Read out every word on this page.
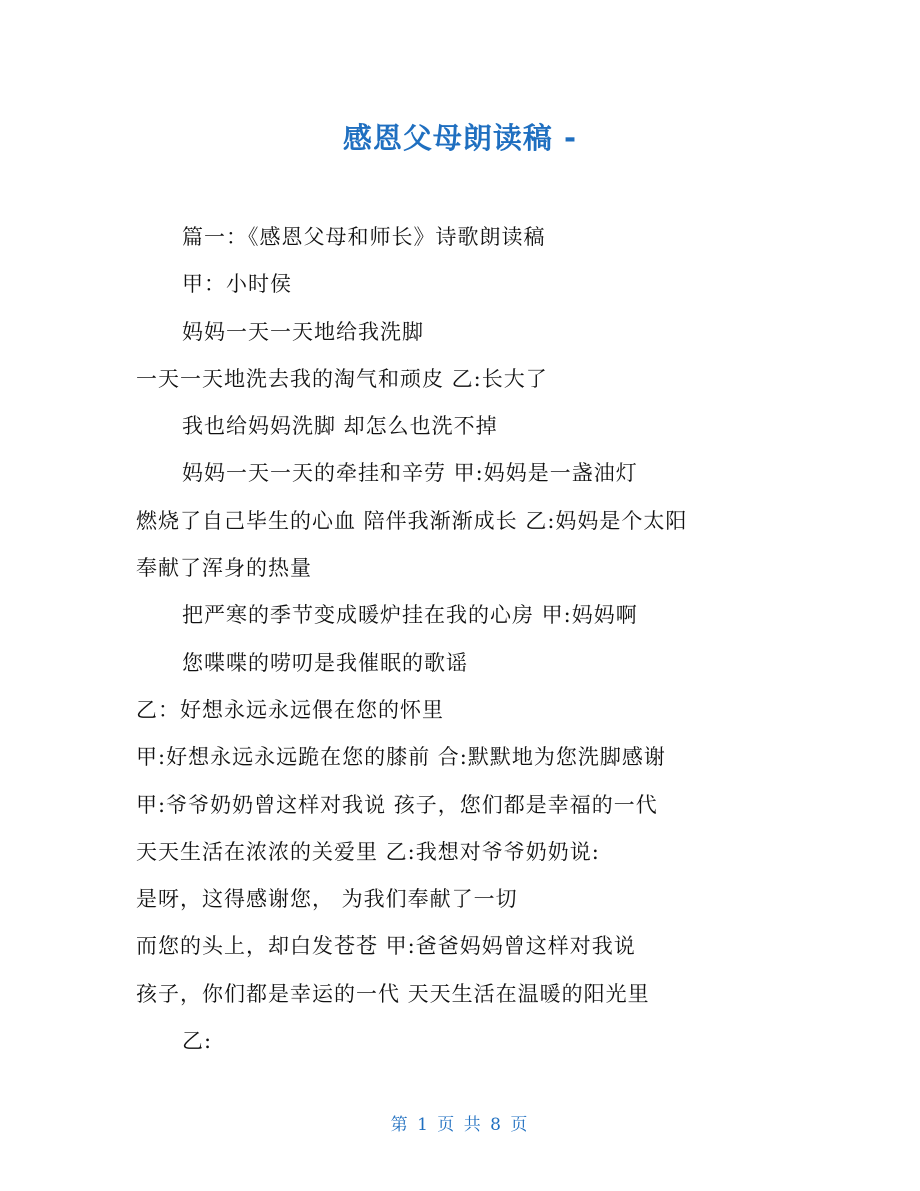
感恩父母朗读稿 -
篇一：《感恩父母和师长》诗歌朗读稿
甲：小时侯
妈妈一天一天地给我洗脚
一天一天地洗去我的淘气和顽皮 乙:长大了
我也给妈妈洗脚 却怎么也洗不掉
妈妈一天一天的牵挂和辛劳 甲:妈妈是一盏油灯
燃烧了自己毕生的心血 陪伴我渐渐成长 乙:妈妈是个太阳
奉献了浑身的热量
把严寒的季节变成暖炉挂在我的心房 甲:妈妈啊
您喋喋的唠叨是我催眠的歌谣
乙：好想永远永远偎在您的怀里
甲:好想永远永远跪在您的膝前 合:默默地为您洗脚感谢
甲:爷爷奶奶曾这样对我说 孩子，您们都是幸福的一代
天天生活在浓浓的关爱里 乙:我想对爷爷奶奶说:
是呀，这得感谢您， 为我们奉献了一切
而您的头上，却白发苍苍 甲:爸爸妈妈曾这样对我说
孩子，你们都是幸运的一代 天天生活在温暖的阳光里
乙:
第 1 页 共 8 页
